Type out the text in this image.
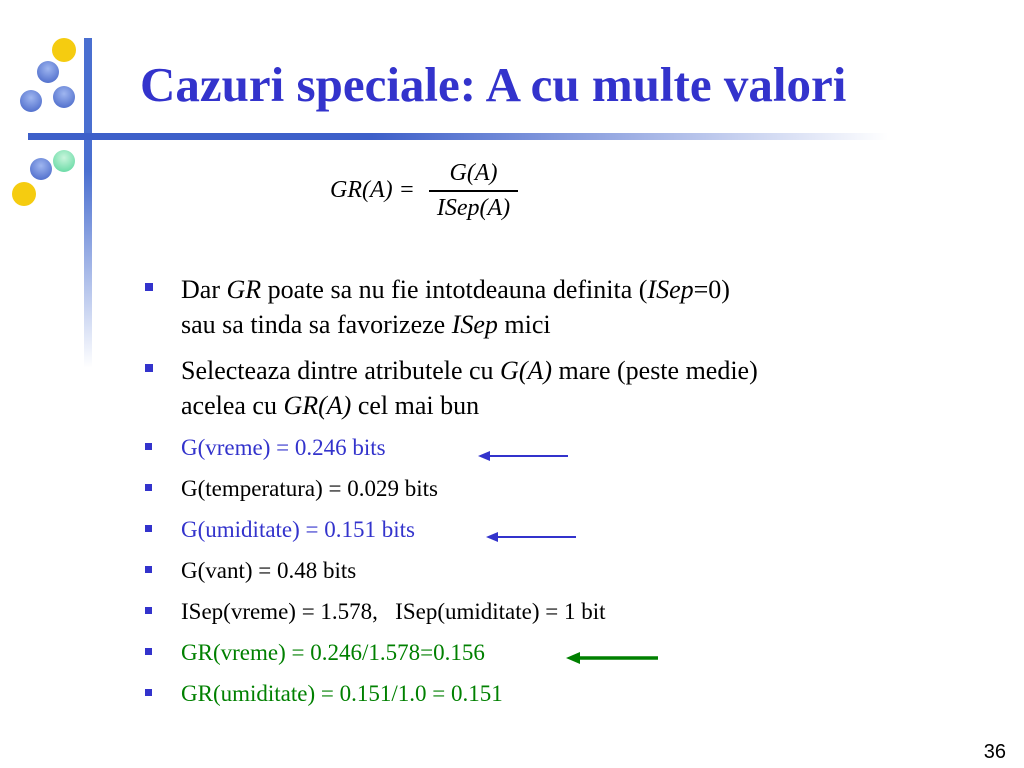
Cazuri speciale: A cu multe valori
$GR(A) = \frac{G(A)}{\text{ISep(A)}}$
Dar GR poate sa nu fie intotdeauna definita (ISep=0)
sau sa tinda sa favorizeze ISep mici
Selecteaza dintre atributele cu G(A) mare (peste medie)
acelea cu GR(A) cel mai bun
G(vreme) = 0.246 bits
G(temperatura) = 0.029 bits
G(umiditate) = 0.151 bits
G(vant) = 0.48 bits
ISep(vreme) = 1.578,   ISep(umiditate) = 1 bit
GR(vreme) = 0.246/1.578=0.156
GR(umiditate) = 0.151/1.0 = 0.151
36
